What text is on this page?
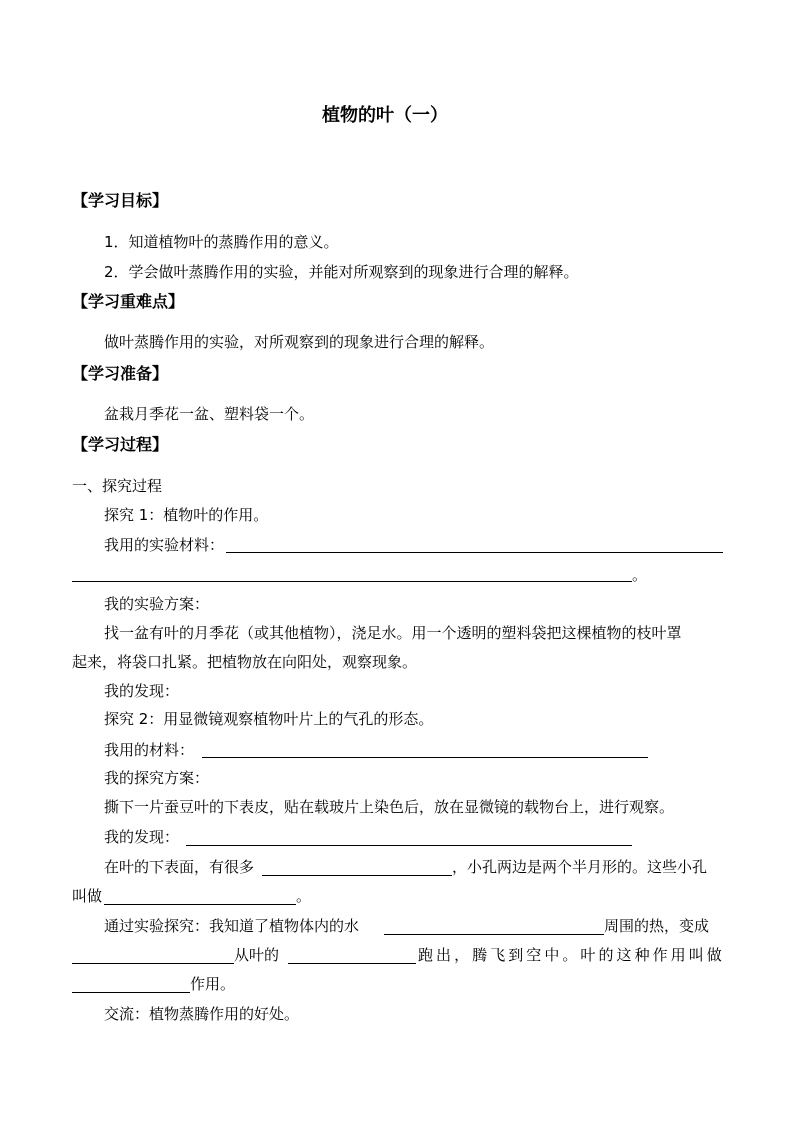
植物的叶（一）
【学习目标】
1．知道植物叶的蒸腾作用的意义。
2．学会做叶蒸腾作用的实验，并能对所观察到的现象进行合理的解释。
【学习重难点】
做叶蒸腾作用的实验，对所观察到的现象进行合理的解释。
【学习准备】
盆栽月季花一盆、塑料袋一个。
【学习过程】
一、探究过程
探究 1：植物叶的作用。
我用的实验材料：
。
我的实验方案：
找一盆有叶的月季花（或其他植物），浇足水。用一个透明的塑料袋把这棵植物的枝叶罩
起来，将袋口扎紧。把植物放在向阳处，观察现象。
我的发现：
探究 2：用显微镜观察植物叶片上的气孔的形态。
我用的材料：
我的探究方案：
撕下一片蚕豆叶的下表皮，贴在载玻片上染色后，放在显微镜的载物台上，进行观察。
我的发现：
在叶的下表面，有很多	，小孔两边是两个半月形的。这些小孔
叫做	。
通过实验探究：我知道了植物体内的水	周围的热，变成
从叶的	跑 出 ， 腾 飞 到 空 中 。 叶 的 这 种 作 用 叫 做
作用。
交流：植物蒸腾作用的好处。
